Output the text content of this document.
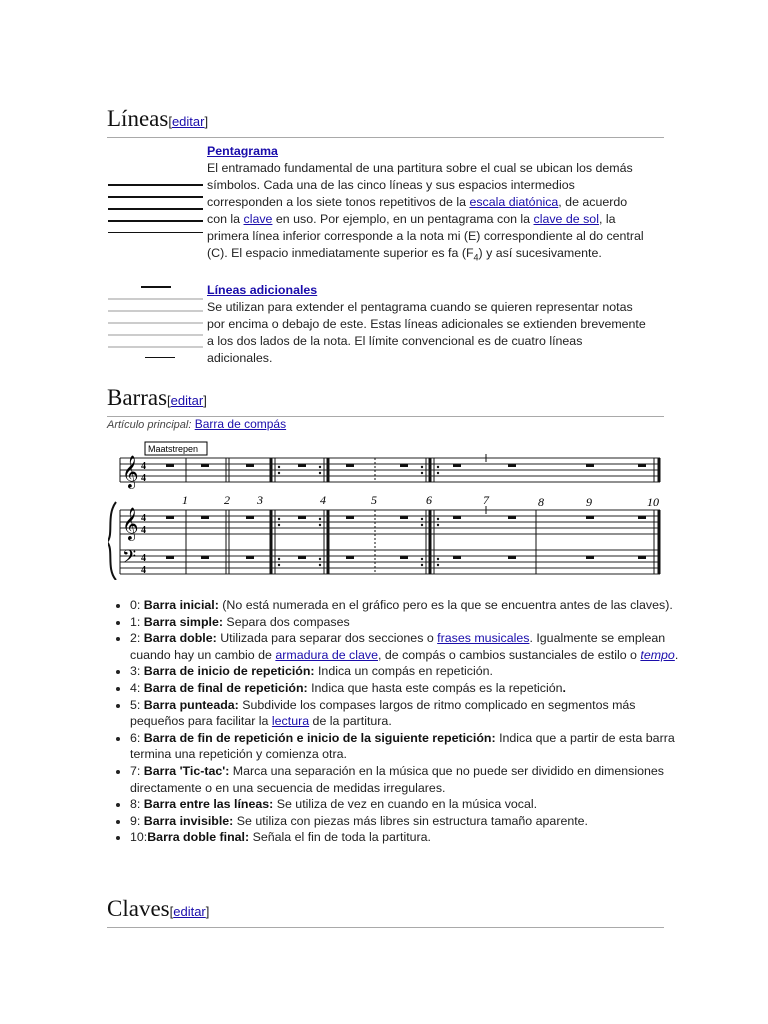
Líneas[editar]
Pentagrama
El entramado fundamental de una partitura sobre el cual se ubican los demás símbolos. Cada una de las cinco líneas y sus espacios intermedios corresponden a los siete tonos repetitivos de la escala diatónica, de acuerdo con la clave en uso. Por ejemplo, en un pentagrama con la clave de sol, la primera línea inferior corresponde a la nota mi (E) correspondiente al do central (C). El espacio inmediatamente superior es fa $(F_4)$ y así sucesivamente.
Líneas adicionales
Se utilizan para extender el pentagrama cuando se quieren representar notas por encima o debajo de este. Estas líneas adicionales se extienden brevemente a los dos lados de la nota. El límite convencional es de cuatro líneas adicionales.
Barras[editar]
Artículo principal: Barra de compás
Maatstrepen
𝄞
𝄞
𝄢
4
4
4
4
4
4
1	2 3	4	5	6	7	8	9	10
• 0: Barra inicial: (No está numerada en el gráfico pero es la que se encuentra antes de las claves).
• 1: Barra simple: Separa dos compases
• 2: Barra doble: Utilizada para separar dos secciones o frases musicales. Igualmente se emplean cuando hay un cambio de armadura de clave, de compás o cambios sustanciales de estilo o tempo.
• 3: Barra de inicio de repetición: Indica un compás en repetición.
• 4: Barra de final de repetición: Indica que hasta este compás es la repetición.
• 5: Barra punteada: Subdivide los compases largos de ritmo complicado en segmentos más pequeños para facilitar la lectura de la partitura.
• 6: Barra de fin de repetición e inicio de la siguiente repetición: Indica que a partir de esta barra termina una repetición y comienza otra.
• 7: Barra 'Tic-tac': Marca una separación en la música que no puede ser dividido en dimensiones directamente o en una secuencia de medidas irregulares.
• 8: Barra entre las líneas: Se utiliza de vez en cuando en la música vocal.
• 9: Barra invisible: Se utiliza con piezas más libres sin estructura tamaño aparente.
• 10:Barra doble final: Señala el fin de toda la partitura.
Claves[editar]
